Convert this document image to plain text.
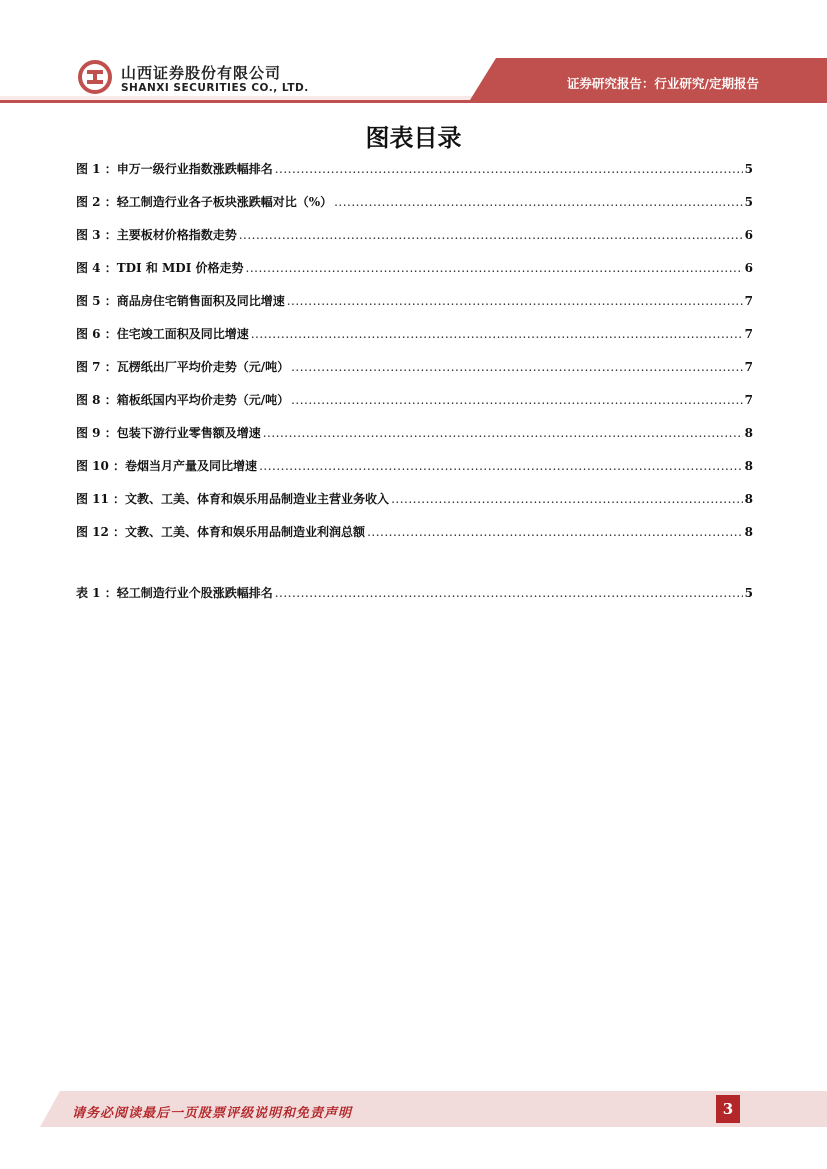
山西证券股份有限公司
SHANXI SECURITIES CO., LTD.	证券研究报告：行业研究/定期报告
图表目录
图 1 ：申万一级行业指数涨跌幅排名 .....	5
图 2 ：轻工制造行业各子板块涨跌幅对比（%） .....	5
图 3 ：主要板材价格指数走势 .....	6
图 4 ：TDI 和 MDI 价格走势 .....	6
图 5 ：商品房住宅销售面积及同比增速 .....	7
图 6 ：住宅竣工面积及同比增速 .....	7
图 7 ：瓦楞纸出厂平均价走势（元/吨） .....	7
图 8 ：箱板纸国内平均价走势（元/吨） .....	7
图 9 ：包装下游行业零售额及增速 .....	8
图 10 ：卷烟当月产量及同比增速 .....	8
图 11 ：文教、工美、体育和娱乐用品制造业主营业务收入 .....	8
图 12 ：文教、工美、体育和娱乐用品制造业利润总额 .....	8
表 1 ：轻工制造行业个股涨跌幅排名 .....	5
请务必阅读最后一页股票评级说明和免责声明	3
